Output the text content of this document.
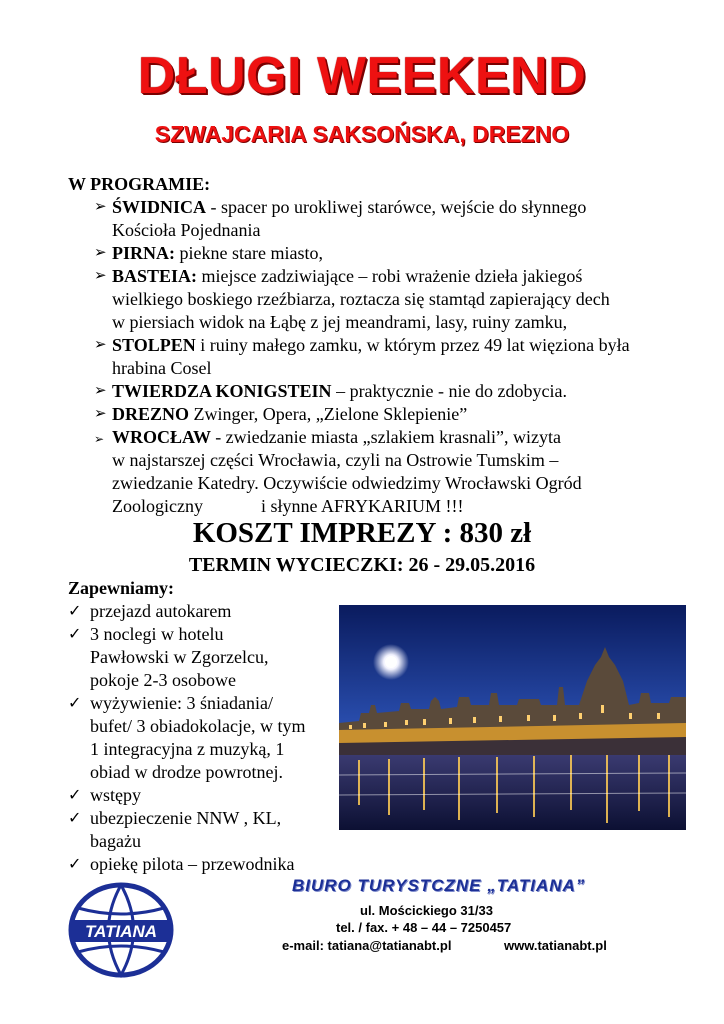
DŁUGI WEEKEND
SZWAJCARIA SAKSOŃSKA, DREZNO
W PROGRAMIE:
➢ ŚWIDNICA - spacer po urokliwej starówce, wejście do słynnego
Kościoła Pojednania
➢ PIRNA: piekne stare miasto,
➢ BASTEIA: miejsce zadziwiające – robi wrażenie dzieła jakiegoś
wielkiego boskiego rzeźbiarza, roztacza się stamtąd zapierający dech
w piersiach widok na Łąbę z jej meandrami, lasy, ruiny zamku,
➢ STOLPEN i ruiny małego zamku, w którym przez 49 lat więziona była
hrabina Cosel
➢ TWIERDZA KONIGSTEIN – praktycznie - nie do zdobycia.
➢ DREZNO Zwinger, Opera, „Zielone Sklepienie”
➢ WROCŁAW - zwiedzanie miasta „szlakiem krasnali”, wizyta
w najstarszej części Wrocławia, czyli na Ostrowie Tumskim –
zwiedzanie Katedry. Oczywiście odwiedzimy Wrocławski Ogród
Zoologiczny	i słynne AFRYKARIUM !!!
KOSZT IMPREZY : 830 zł
TERMIN WYCIECZKI: 26 - 29.05.2016
Zapewniamy:
✓ przejazd autokarem
✓ 3 noclegi w hotelu
Pawłowski w Zgorzelcu,
pokoje 2-3 osobowe
✓ wyżywienie: 3 śniadania/
bufet/ 3 obiadokolacje, w tym
1 integracyjna z muzyką, 1
obiad w drodze powrotnej.
✓ wstępy
✓ ubezpieczenie NNW , KL,
bagażu
✓ opiekę pilota – przewodnika
TATIANA
BIURO TURYSTCZNE „TATIANA”
ul. Mościckiego 31/33
tel. / fax. + 48 – 44 – 7250457
e-mail: tatiana@tatianabt.pl	www.tatianabt.pl
